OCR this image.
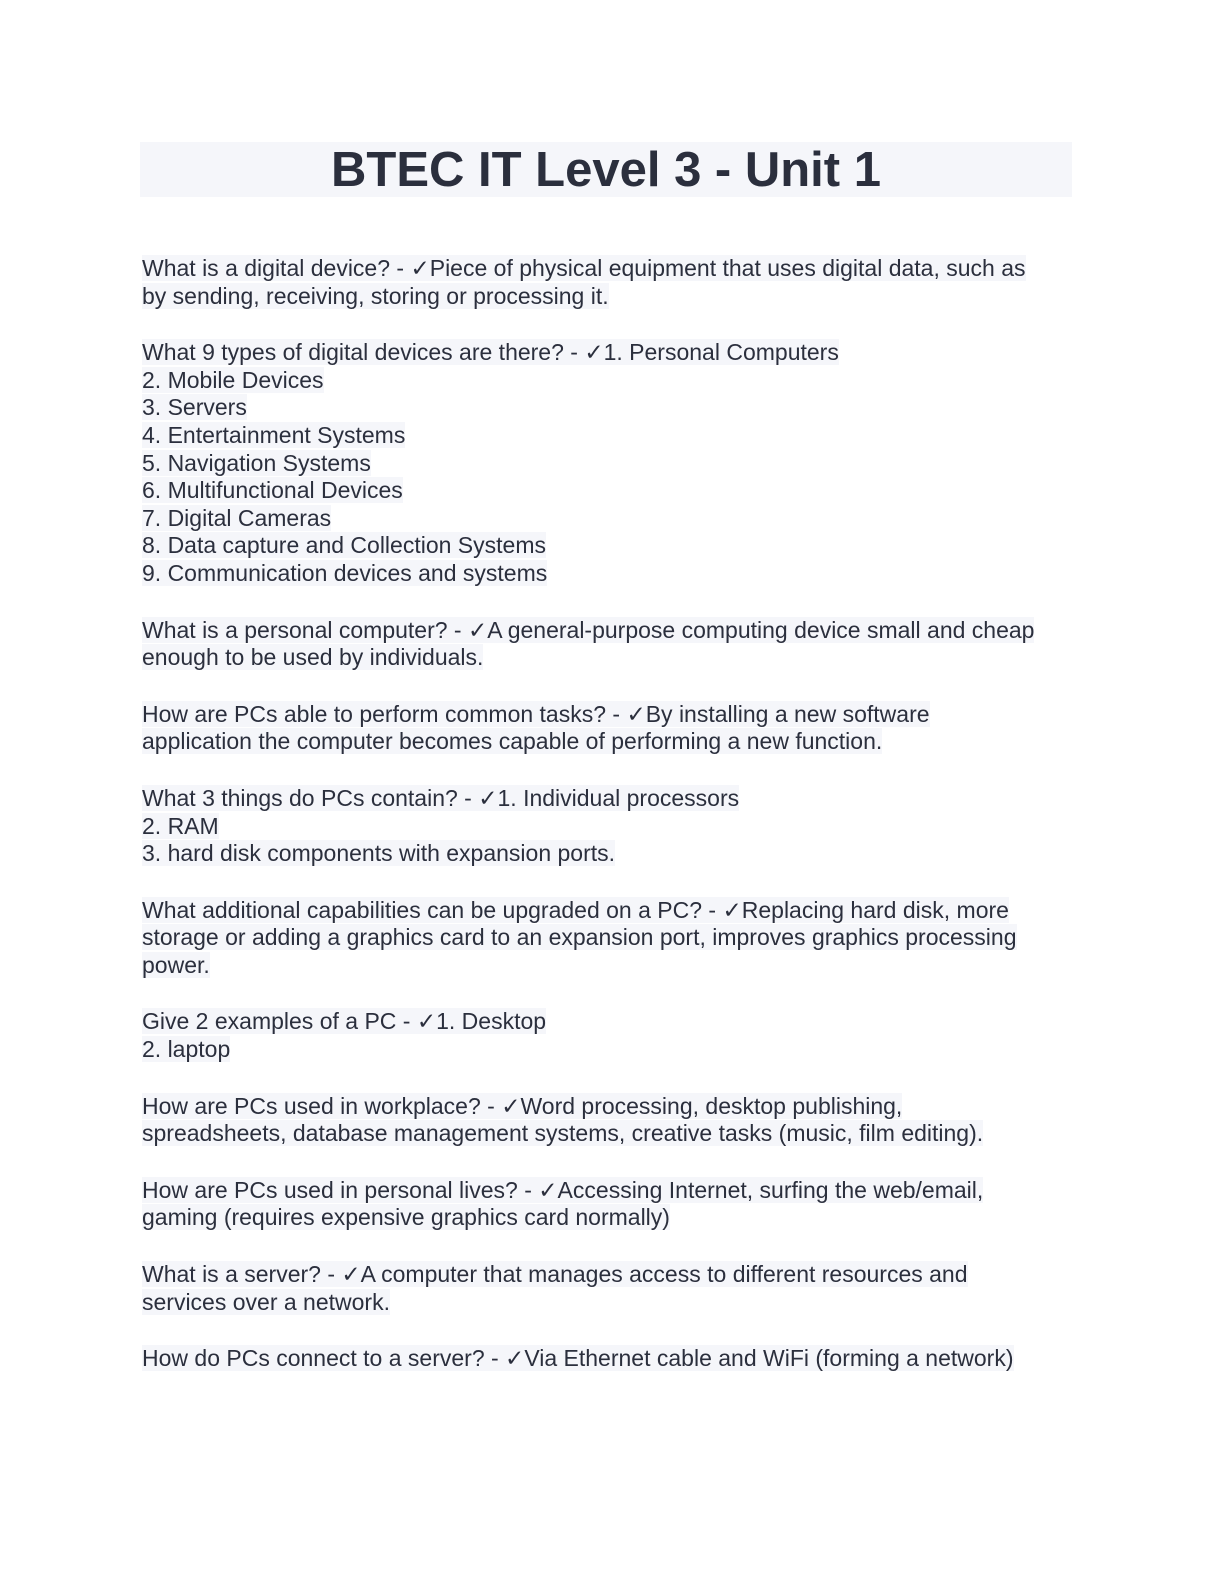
BTEC IT Level 3 - Unit 1
What is a digital device? - ✓Piece of physical equipment that uses digital data, such as
by sending, receiving, storing or processing it.
What 9 types of digital devices are there? - ✓1. Personal Computers
2. Mobile Devices
3. Servers
4. Entertainment Systems
5. Navigation Systems
6. Multifunctional Devices
7. Digital Cameras
8. Data capture and Collection Systems
9. Communication devices and systems
What is a personal computer? - ✓A general-purpose computing device small and cheap
enough to be used by individuals.
How are PCs able to perform common tasks? - ✓By installing a new software
application the computer becomes capable of performing a new function.
What 3 things do PCs contain? - ✓1. Individual processors
2. RAM
3. hard disk components with expansion ports.
What additional capabilities can be upgraded on a PC? - ✓Replacing hard disk, more
storage or adding a graphics card to an expansion port, improves graphics processing
power.
Give 2 examples of a PC - ✓1. Desktop
2. laptop
How are PCs used in workplace? - ✓Word processing, desktop publishing,
spreadsheets, database management systems, creative tasks (music, film editing).
How are PCs used in personal lives? - ✓Accessing Internet, surfing the web/email,
gaming (requires expensive graphics card normally)
What is a server? - ✓A computer that manages access to different resources and
services over a network.
How do PCs connect to a server? - ✓Via Ethernet cable and WiFi (forming a network)
